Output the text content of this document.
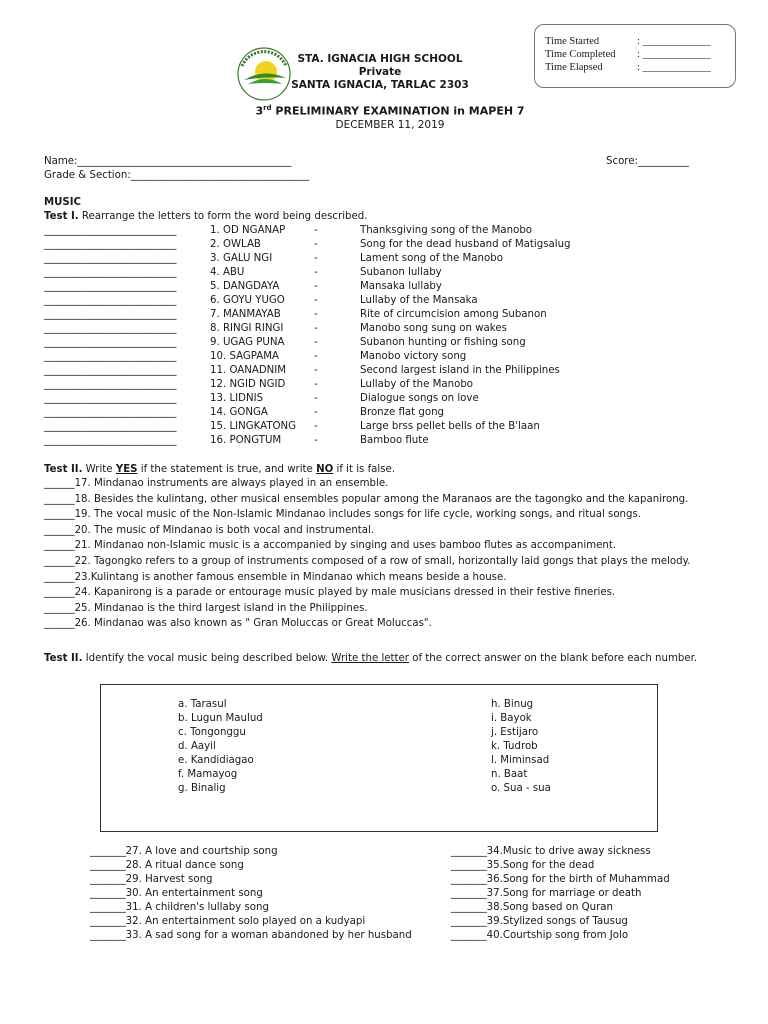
Time Started	: _____________
Time Completed : _____________
Time Elapsed	: _____________
STA. IGNACIA HIGH SCHOOL
Private
SANTA IGNACIA, TARLAC 2303
3rd PRELIMINARY EXAMINATION in MAPEH 7
DECEMBER 11, 2019
Name:__________________________________________	Score:__________
Grade & Section:___________________________________
MUSIC
Test I. Rearrange the letters to form the word being described.
__________________________	1. OD NGANAP	-	Thanksgiving song of the Manobo
__________________________	2. OWLAB	-	Song for the dead husband of Matigsalug
__________________________	3. GALU NGI	-	Lament song of the Manobo
__________________________	4. ABU	-	Subanon lullaby
__________________________	5. DANGDAYA	-	Mansaka lullaby
__________________________	6. GOYU YUGO	-	Lullaby of the Mansaka
__________________________	7. MANMAYAB	-	Rite of circumcision among Subanon
__________________________	8. RINGI RINGI	-	Manobo song sung on wakes
__________________________	9. UGAG PUNA	-	Subanon hunting or fishing song
__________________________	10. SAGPAMA	-	Manobo victory song
__________________________	11. OANADNIM	-	Second largest island in the Philippines
__________________________	12. NGID NGID	-	Lullaby of the Manobo
__________________________	13. LIDNIS	-	Dialogue songs on love
__________________________	14. GONGA	-	Bronze flat gong
__________________________	15. LINGKATONG -	Large brss pellet bells of the B'laan
__________________________	16. PONGTUM	-	Bamboo flute
Test II. Write YES if the statement is true, and write NO if it is false.
______17. Mindanao instruments are always played in an ensemble.
______18. Besides the kulintang, other musical ensembles popular among the Maranaos are the tagongko and the kapanirong.
______19. The vocal music of the Non-Islamic Mindanao includes songs for life cycle, working songs, and ritual songs.
______20. The music of Mindanao is both vocal and instrumental.
______21. Mindanao non-Islamic music is a accompanied by singing and uses bamboo flutes as accompaniment.
______22. Tagongko refers to a group of instruments composed of a row of small, horizontally laid gongs that plays the melody.
______23.Kulintang is another famous ensemble in Mindanao which means beside a house.
______24. Kapanirong is a parade or entourage music played by male musicians dressed in their festive fineries.
______25. Mindanao is the third largest island in the Philippines.
______26. Mindanao was also known as " Gran Moluccas or Great Moluccas".
Test II. Identify the vocal music being described below. Write the letter of the correct answer on the blank before each number.
a. Tarasul
b. Lugun Maulud
c. Tongonggu
d. Aayil
e. Kandidiagao
f. Mamayog
g. Binalig
h. Binug
i. Bayok
j. Estijaro
k. Tudrob
l. Miminsad
n. Baat
o. Sua - sua
_______27. A love and courtship song
_______28. A ritual dance song
_______29. Harvest song
_______30. An entertainment song
_______31. A children's lullaby song
_______32. An entertainment solo played on a kudyapi
_______33. A sad song for a woman abandoned by her husband
_______34.Music to drive away sickness
_______35.Song for the dead
_______36.Song for the birth of Muhammad
_______37.Song for marriage or death
_______38.Song based on Quran
_______39.Stylized songs of Tausug
_______40.Courtship song from Jolo
